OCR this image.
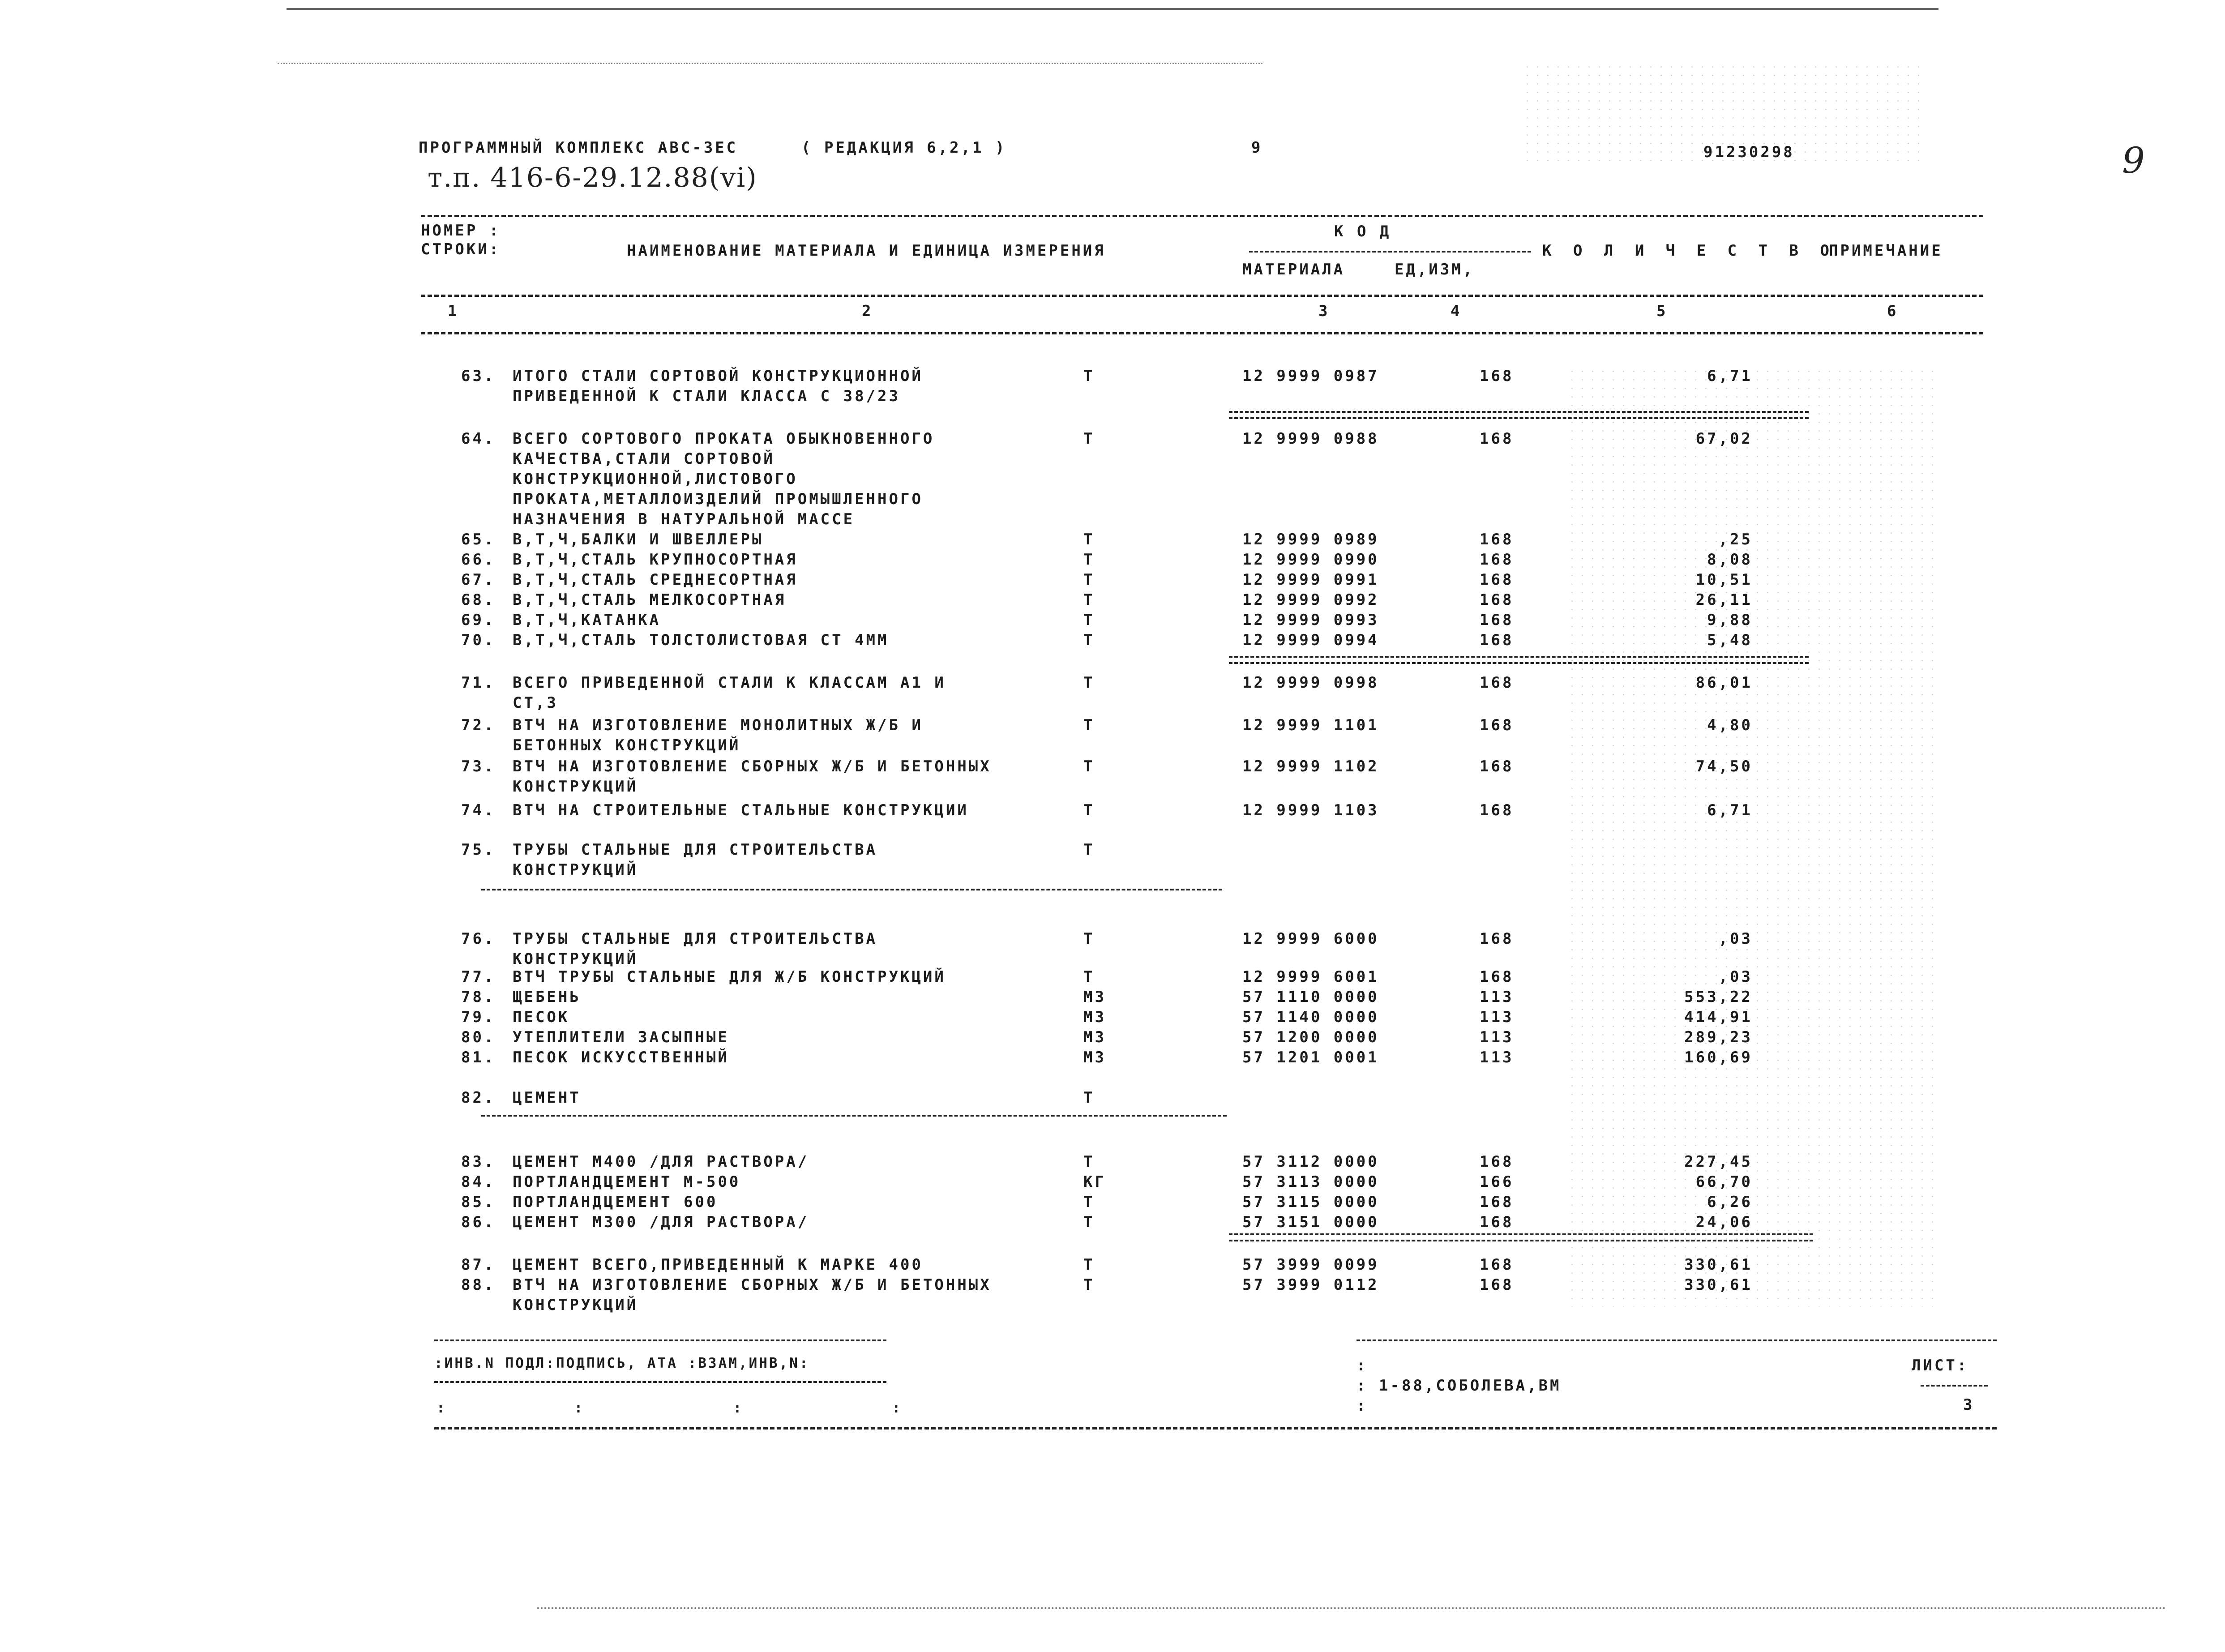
ПРОГРАММНЫЙ КОМПЛЕКС АВС-3ЕС	( РЕДАКЦИЯ 6,2,1 )	9	91230298
т.п. 416-6-29.12.88(vi)	9
НОМЕР :
СТРОКИ:	НАИМЕНОВАНИЕ МАТЕРИАЛА И ЕДИНИЦА ИЗМЕРЕНИЯ
К О Д
МАТЕРИАЛА	ЕД,ИЗМ,
К О Л И Ч Е С Т В О
ПРИМЕЧАНИЕ
1	2	3	4	5	6
63. ИТОГО СТАЛИ СОРТОВОЙ КОНСТРУКЦИОННОЙ
ПРИВЕДЕННОЙ К СТАЛИ КЛАССА С 38/23
Т	12 9999 0987	168	6,71
64. ВСЕГО СОРТОВОГО ПРОКАТА ОБЫКНОВЕННОГО
КАЧЕСТВА,СТАЛИ СОРТОВОЙ
КОНСТРУКЦИОННОЙ,ЛИСТОВОГО
ПРОКАТА,МЕТАЛЛОИЗДЕЛИЙ ПРОМЫШЛЕННОГО
НАЗНАЧЕНИЯ В НАТУРАЛЬНОЙ МАССЕ
Т	12 9999 0988	168	67,02
65. В,Т,Ч,БАЛКИ И ШВЕЛЛЕРЫ	Т	12 9999 0989	168	,25
66. В,Т,Ч,СТАЛЬ КРУПНОСОРТНАЯ	Т	12 9999 0990	168	8,08
67. В,Т,Ч,СТАЛЬ СРЕДНЕСОРТНАЯ	Т	12 9999 0991	168	10,51
68. В,Т,Ч,СТАЛЬ МЕЛКОСОРТНАЯ	Т	12 9999 0992	168	26,11
69. В,Т,Ч,КАТАНКА	Т	12 9999 0993	168	9,88
70. В,Т,Ч,СТАЛЬ ТОЛСТОЛИСТОВАЯ СТ 4ММ	Т	12 9999 0994	168	5,48
71. ВСЕГО ПРИВЕДЕННОЙ СТАЛИ К КЛАССАМ А1 И
СТ,3
Т	12 9999 0998	168	86,01
72. ВТЧ НА ИЗГОТОВЛЕНИЕ МОНОЛИТНЫХ Ж/Б И
БЕТОННЫХ КОНСТРУКЦИЙ
Т	12 9999 1101	168	4,80
73. ВТЧ НА ИЗГОТОВЛЕНИЕ СБОРНЫХ Ж/Б И БЕТОННЫХ
КОНСТРУКЦИЙ
Т	12 9999 1102	168	74,50
74. ВТЧ НА СТРОИТЕЛЬНЫЕ СТАЛЬНЫЕ КОНСТРУКЦИИ	Т	12 9999 1103	168	6,71
75. ТРУБЫ СТАЛЬНЫЕ ДЛЯ СТРОИТЕЛЬСТВА
КОНСТРУКЦИЙ
Т
76. ТРУБЫ СТАЛЬНЫЕ ДЛЯ СТРОИТЕЛЬСТВА
КОНСТРУКЦИЙ
Т	12 9999 6000	168	,03
77. ВТЧ ТРУБЫ СТАЛЬНЫЕ ДЛЯ Ж/Б КОНСТРУКЦИЙ	Т	12 9999 6001	168	,03
78. ЩЕБЕНЬ	М3	57 1110 0000	113	553,22
79. ПЕСОК	М3	57 1140 0000	113	414,91
80. УТЕПЛИТЕЛИ ЗАСЫПНЫЕ	М3	57 1200 0000	113	289,23
81. ПЕСОК ИСКУССТВЕННЫЙ	М3	57 1201 0001	113	160,69
82. ЦЕМЕНТ	Т
83. ЦЕМЕНТ М400 /ДЛЯ РАСТВОРА/	Т	57 3112 0000	168	227,45
84. ПОРТЛАНДЦЕМЕНТ М-500	КГ	57 3113 0000	166	66,70
85. ПОРТЛАНДЦЕМЕНТ 600	Т	57 3115 0000	168	6,26
86. ЦЕМЕНТ М300 /ДЛЯ РАСТВОРА/	Т	57 3151 0000	168	24,06
87. ЦЕМЕНТ ВСЕГО,ПРИВЕДЕННЫЙ К МАРКЕ 400	Т	57 3999 0099	168	330,61
88. ВТЧ НА ИЗГОТОВЛЕНИЕ СБОРНЫХ Ж/Б И БЕТОННЫХ
КОНСТРУКЦИЙ
Т	57 3999 0112	168	330,61
:ИНВ.N ПОДЛ:ПОДПИСЬ, АТА :ВЗАМ,ИНВ,N:
:            :              :              :
:
: 1-88,СОБОЛЕВА,ВМ
:
ЛИСТ:
3
